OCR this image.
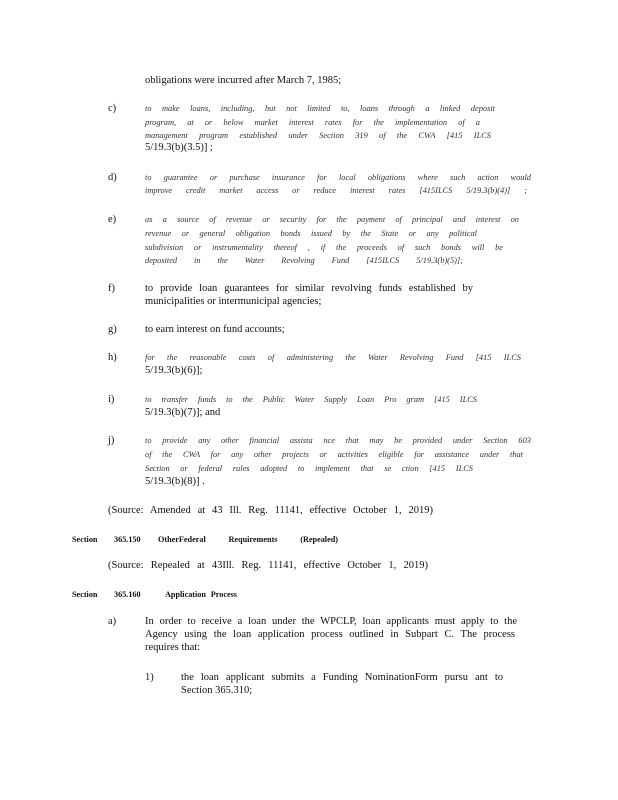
obligations were incurred after March 7, 1985;
c)	to make loans, including, but not limited to, loans through a linked deposit
program, at or below market interest rates for the implementation of a
management program established under Section 319 of the CWA [415 ILCS
5/19.3(b)(3.5)] ;
d)	to guarantee or purchase insurance for local obligations where such action would
improve credit market access or reduce interest rates [415ILCS 5/19.3(b)(4)] ;
e)	as a source of revenue or security for the payment of principal and interest on
revenue or general obligation bonds issued by the State or any political
subdivision or instrumentality thereof , if the proceeds of such bonds will be
deposited in the Water Revolving Fund [415ILCS 5/19.3(b)(5)];
f)	to provide loan guarantees for similar revolving funds established by
municipalities or intermunicipal agencies;
g)	to earn interest on fund accounts;
h)	for the reasonable costs of administering the Water Revolving Fund [415 ILCS
5/19.3(b)(6)];
i)	to transfer funds to the Public Water Supply Loan Pro gram [415 ILCS
5/19.3(b)(7)]; and
j)	to provide any other financial assista nce that may be provided under Section 603
of the CWA for any other projects or activities eligible for assistance under that
Section or federal rules adopted to implement that se ction [415 ILCS
5/19.3(b)(8)] .
(Source: Amended at 43 Ill. Reg. 11141, effective October 1, 2019)
Section 365.150 OtherFederal Requirements (Repealed)
(Source: Repealed at 43Ill. Reg. 11141, effective October 1, 2019)
Section 365.160	Application Process
a)	In order to receive a loan under the WPCLP, loan applicants must apply to the
Agency using the loan application process outlined in Subpart C. The process
requires that:
1)	the loan applicant submits a Funding NominationForm pursu ant to
Section 365.310;
